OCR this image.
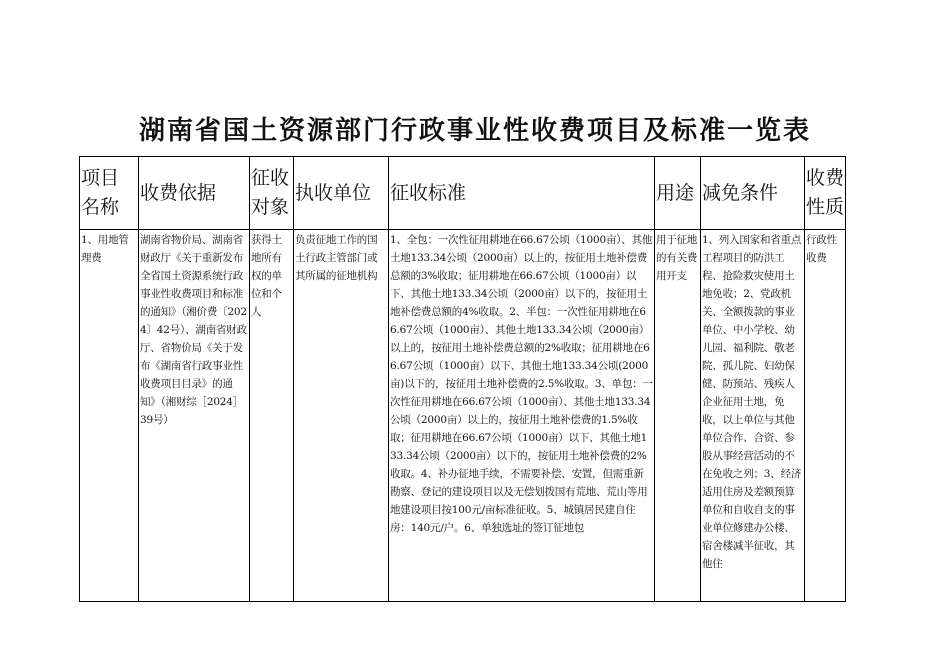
湖南省国土资源部门行政事业性收费项目及标准一览表
项目名称	收费依据	征收对象	执收单位	征收标准	用途	减免条件	收费性质

1、用地管理费	湖南省物价局、湖南省财政厅《关于重新发布全省国土资源系统行政事业性收费项目和标准的通知》（湘价费〔2024〕42号）、湖南省财政厅、省物价局《关于发布《湖南省行政事业性收费项目目录》的通知》（湘财综［2024］39号）	获得土地所有权的单位和个人	负责征地工作的国土行政主管部门或其所属的征地机构	1、全包：一次性征用耕地在66.67公顷（1000亩）、其他土地133.34公顷（2000亩）以上的，按征用土地补偿费总额的3%收取；征用耕地在66.67公顷（1000亩）以下、其他土地133.34公顷（2000亩）以下的，按征用土地补偿费总额的4%收取。2、半包：一次性征用耕地在66.67公顷（1000亩）、其他土地133.34公顷（2000亩）以上的，按征用土地补偿费总额的2%收取；征用耕地在66.67公顷（1000亩）以下、其他土地133.34公顷(2000亩)以下的，按征用土地补偿费的2.5%收取。3、单包：一次性征用耕地在66.67公顷（1000亩）、其他土地133.34公顷（2000亩）以上的，按征用土地补偿费的1.5%收取；征用耕地在66.67公顷（1000亩）以下、其他土地133.34公顷（2000亩）以下的，按征用土地补偿费的2%收取。4、补办征地手续，不需要补偿、安置，但需重新勘察、登记的建设项目以及无偿划拨国有荒地、荒山等用地建设项目按100元/亩标准征收。5、城镇居民建自住房：140元/户。6、单独选址的签订征地包	用于征地的有关费用开支	1、列入国家和省重点工程项目的防洪工程、抢险救灾使用土地免收；2、党政机关、全额拨款的事业单位、中小学校、幼儿园、福利院、敬老院、孤儿院、妇幼保健、防预站、残疾人企业征用土地，免收，以上单位与其他单位合作、合资、参股从事经营活动的不在免收之列；3、经济适用住房及差额预算单位和自收自支的事业单位修建办公楼、宿舍楼减半征收，其他住	行政性收费
